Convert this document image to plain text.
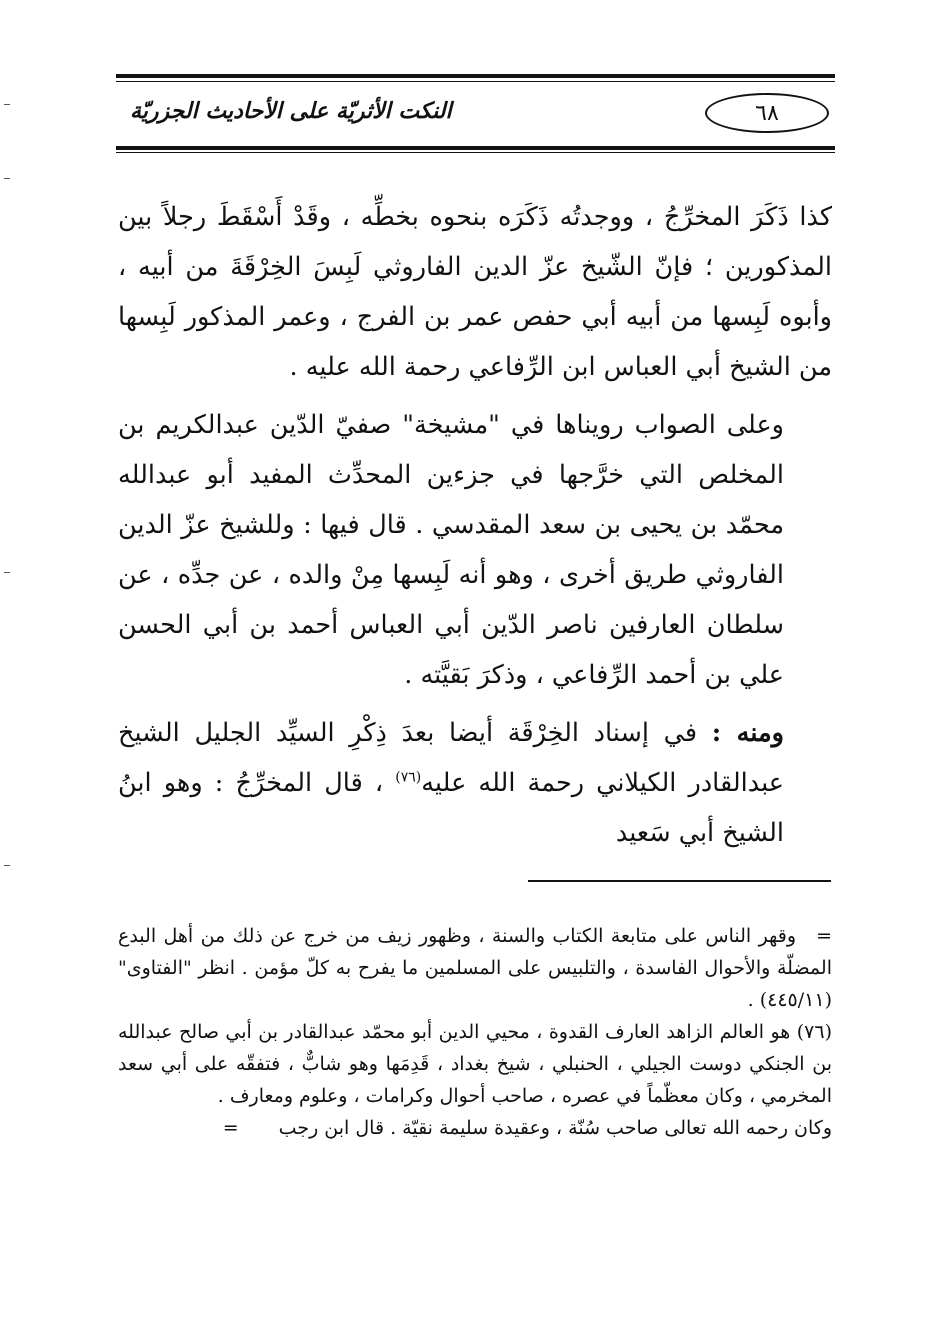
النكت الأثريّة على الأحاديث الجزريّة	٦٨

كذا ذَكَرَ المخرِّجُ ، ووجدتُه ذَكَرَه بنحوه بخطِّه ، وقَدْ أَسْقَطَ رجلاً بين المذكورين ؛ فإنّ الشّيخ عزّ الدين الفاروثي لَبِسَ الخِرْقَةَ من أبيه ، وأبوه لَبِسها من أبيه أبي حفص عمر بن الفرج ، وعمر المذكور لَبِسها من الشيخ أبي العباس ابن الرِّفاعي رحمة الله عليه .

وعلى الصواب رويناها في "مشيخة" صفيّ الدّين عبدالكريم بن المخلص التي خرَّجها في جزءين المحدِّث المفيد أبو عبدالله محمّد بن يحيى بن سعد المقدسي . قال فيها : وللشيخ عزّ الدين الفاروثي طريق أخرى ، وهو أنه لَبِسها مِنْ والده ، عن جدِّه ، عن سلطان العارفين ناصر الدّين أبي العباس أحمد بن أبي الحسن علي بن أحمد الرِّفاعي ، وذكرَ بَقيَّته .

ومنه : في إسناد الخِرْقَة أيضا بعدَ ذِكْرِ السيِّد الجليل الشيخ عبدالقادر الكيلاني رحمة الله عليه$^{(٧٦)}$ ، قال المخرِّجُ : وهو ابنُ الشيخ أبي سَعيد

=وقهر الناس على متابعة الكتاب والسنة ، وظهور زيف من خرج عن ذلك من أهل البدع المضلّة والأحوال الفاسدة ، والتلبيس على المسلمين ما يفرح به كلّ مؤمن . انظر "الفتاوى" (٤٤٥/١١) .

(٧٦) هو العالم الزاهد العارف القدوة ، محيي الدين أبو محمّد عبدالقادر بن أبي صالح عبدالله بن الجنكي دوست الجيلي ، الحنبلي ، شيخ بغداد ، قَدِمَها وهو شابٌّ ، فتفقّه على أبي سعد المخرمي ، وكان معظّماً في عصره ، صاحب أحوال وكرامات ، وعلوم ومعارف .

وكان رحمه الله تعالى صاحب سُنّة ، وعقيدة سليمة نقيّة . قال ابن رجب=
